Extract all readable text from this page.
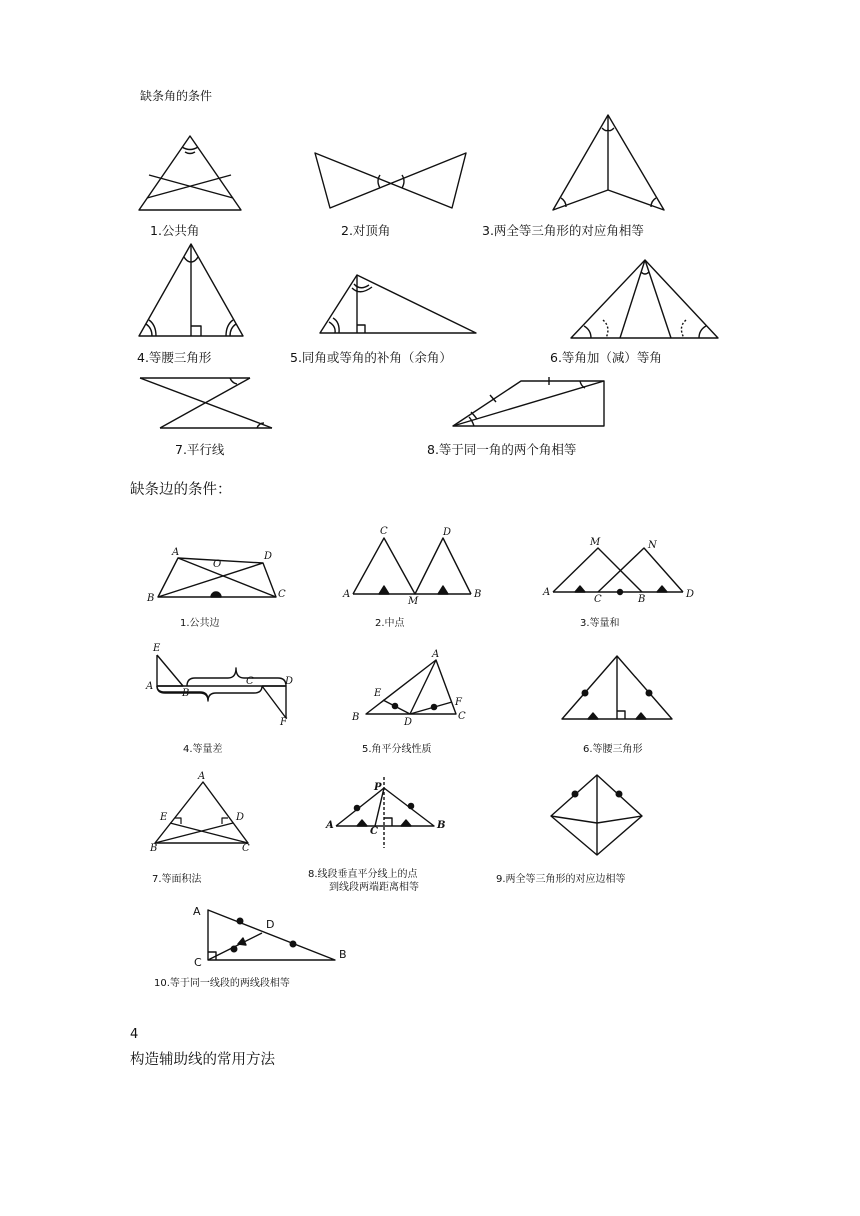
缺条角的条件
1.公共角	2.对顶角	3.两全等三角形的对应角相等
4.等腰三角形	5.同角或等角的补角（余角）	6.等角加（减）等角
7.平行线	8.等于同一角的两个角相等
缺条边的条件：
1.公共边	2.中点	3.等量和
4.等量差	5.角平分线性质	6.等腰三角形
7.等面积法	8.线段垂直平分线上的点
到线段两端距离相等
9.两全等三角形的对应边相等
10.等于同一线段的两线段相等
A
O
D
B	C
C	D
A
M
B
M	N
A
C	B	D
E
C	D
A
B
F
A
E
F
B	D
C
A
E	D
B	C
P
A
C
B
A
D
C
B
4
构造辅助线的常用方法
